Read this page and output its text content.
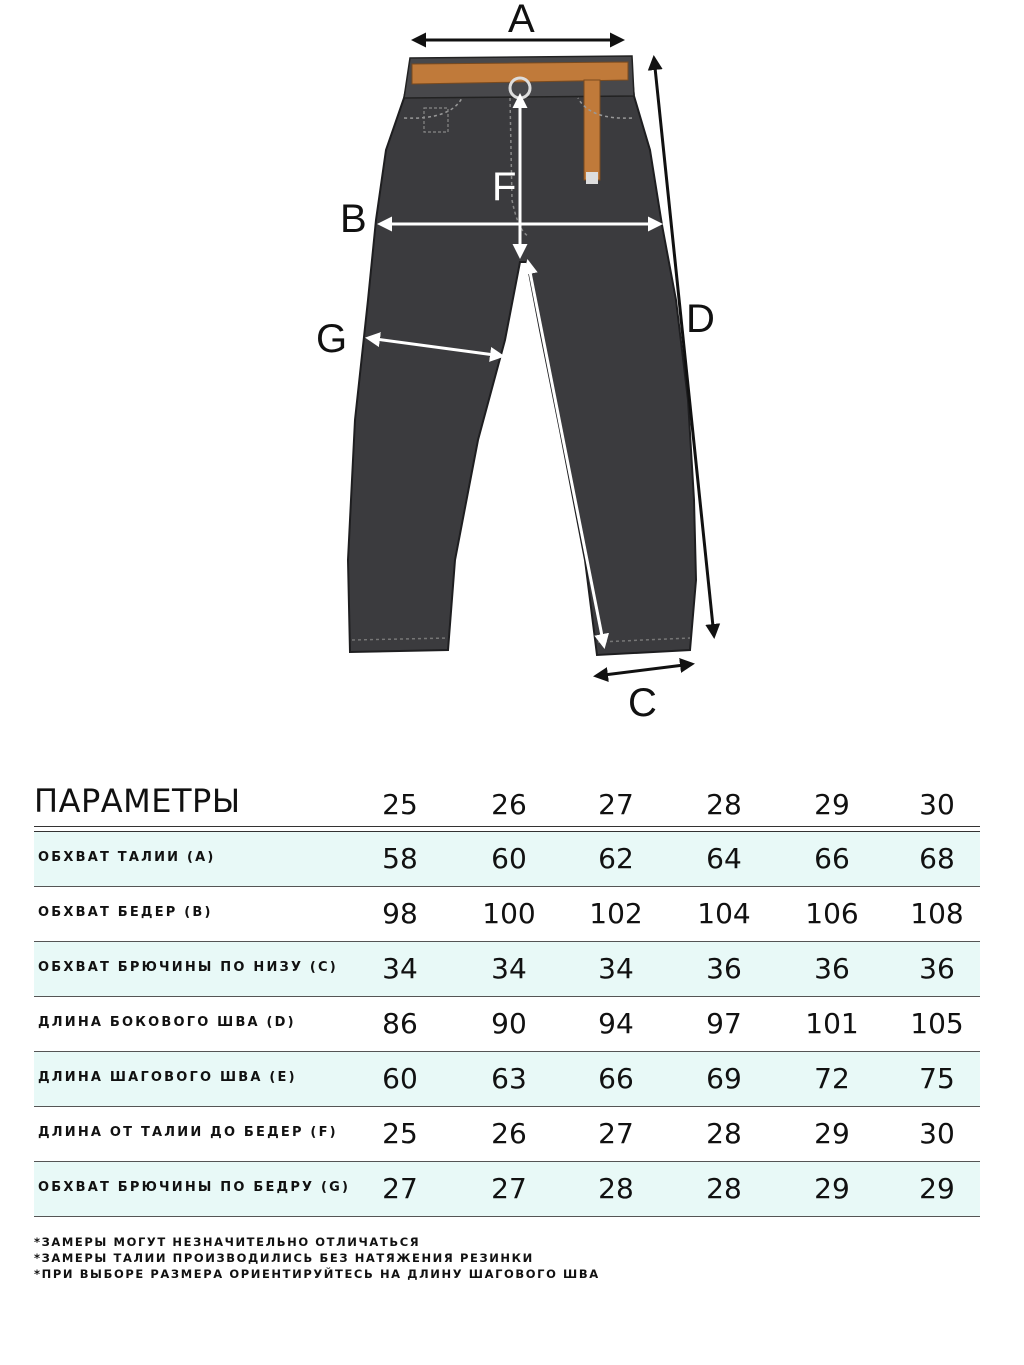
A
B
G	D
C
F
E
ПАРАМЕТРЫ	25	26	27	28	29	30
ОБХВАТ ТАЛИИ (A)	58	60	62	64	66	68
ОБХВАТ БЕДЕР (B)	98	100	102	104	106	108
ОБХВАТ БРЮЧИНЫ ПО НИЗУ (C)	34	34	34	36	36	36
ДЛИНА БОКОВОГО ШВА (D)	86	90	94	97	101	105
ДЛИНА ШАГОВОГО ШВА (E)	60	63	66	69	72	75
ДЛИНА ОТ ТАЛИИ ДО БЕДЕР (F)	25	26	27	28	29	30
ОБХВАТ БРЮЧИНЫ ПО БЕДРУ (G)	27	27	28	28	29	29
*ЗАМЕРЫ МОГУТ НЕЗНАЧИТЕЛЬНО ОТЛИЧАТЬСЯ
*ЗАМЕРЫ ТАЛИИ ПРОИЗВОДИЛИСЬ БЕЗ НАТЯЖЕНИЯ РЕЗИНКИ
*ПРИ ВЫБОРЕ РАЗМЕРА ОРИЕНТИРУЙТЕСЬ НА ДЛИНУ ШАГОВОГО ШВА
